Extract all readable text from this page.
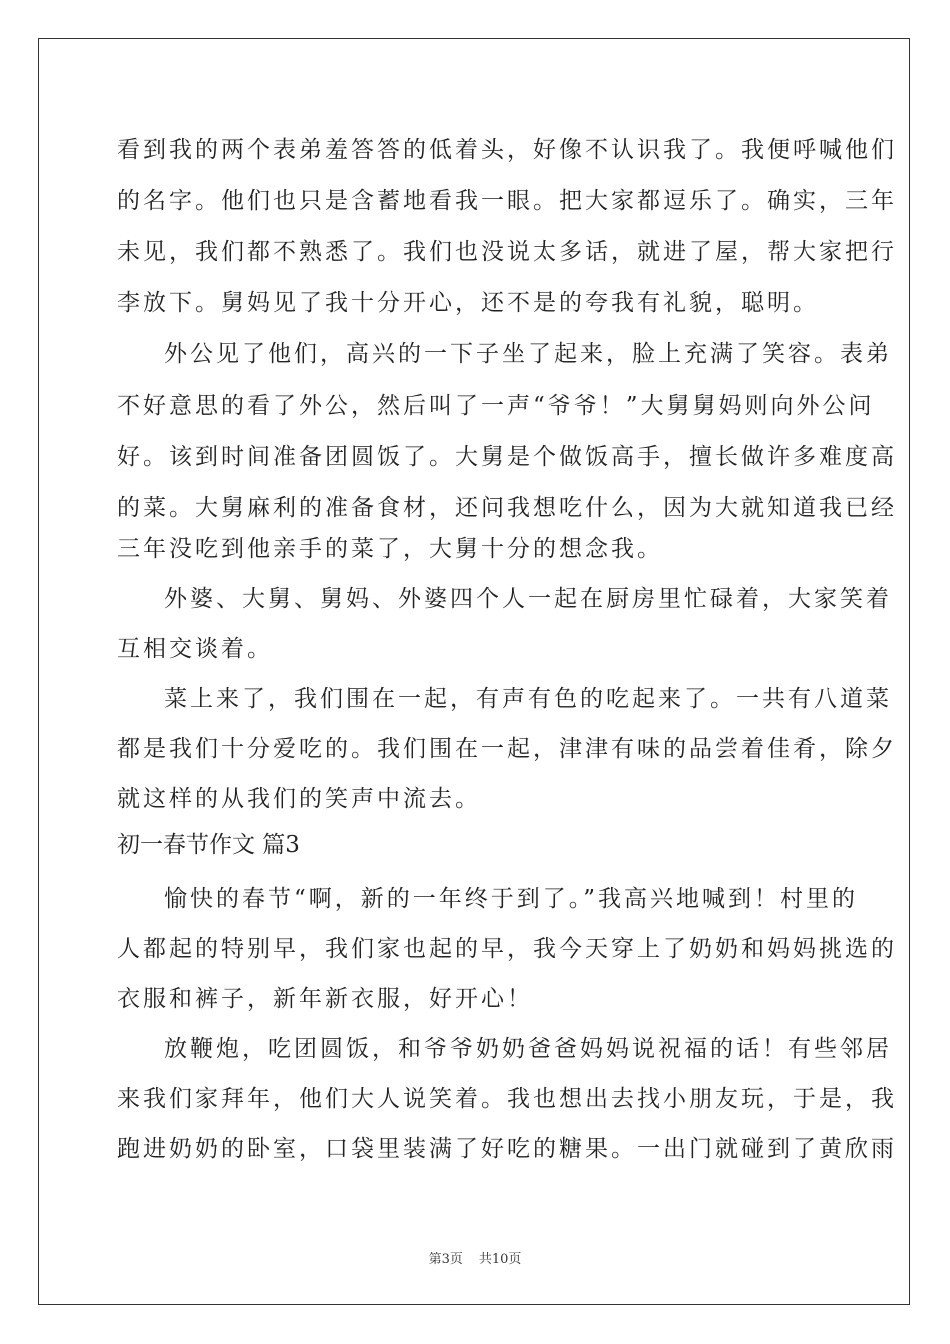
看到我的两个表弟羞答答的低着头，好像不认识我了。我便呼喊他们

的名字。他们也只是含蓄地看我一眼。把大家都逗乐了。确实，三年

未见，我们都不熟悉了。我们也没说太多话，就进了屋，帮大家把行

李放下。舅妈见了我十分开心，还不是的夸我有礼貌，聪明。

外公见了他们，高兴的一下子坐了起来，脸上充满了笑容。表弟

不好意思的看了外公，然后叫了一声“爷爷！”大舅舅妈则向外公问

好。该到时间准备团圆饭了。大舅是个做饭高手，擅长做许多难度高

的菜。大舅麻利的准备食材，还问我想吃什么，因为大就知道我已经

三年没吃到他亲手的菜了，大舅十分的想念我。

外婆、大舅、舅妈、外婆四个人一起在厨房里忙碌着，大家笑着

互相交谈着。

菜上来了，我们围在一起，有声有色的吃起来了。一共有八道菜

都是我们十分爱吃的。我们围在一起，津津有味的品尝着佳肴，除夕

就这样的从我们的笑声中流去。

初一春节作文 篇3

愉快的春节“啊，新的一年终于到了。”我高兴地喊到！村里的

人都起的特别早，我们家也起的早，我今天穿上了奶奶和妈妈挑选的

衣服和裤子，新年新衣服，好开心！

放鞭炮，吃团圆饭，和爷爷奶奶爸爸妈妈说祝福的话！有些邻居

来我们家拜年，他们大人说笑着。我也想出去找小朋友玩，于是，我

跑进奶奶的卧室，口袋里装满了好吃的糖果。一出门就碰到了黄欣雨

第3页 共10页
